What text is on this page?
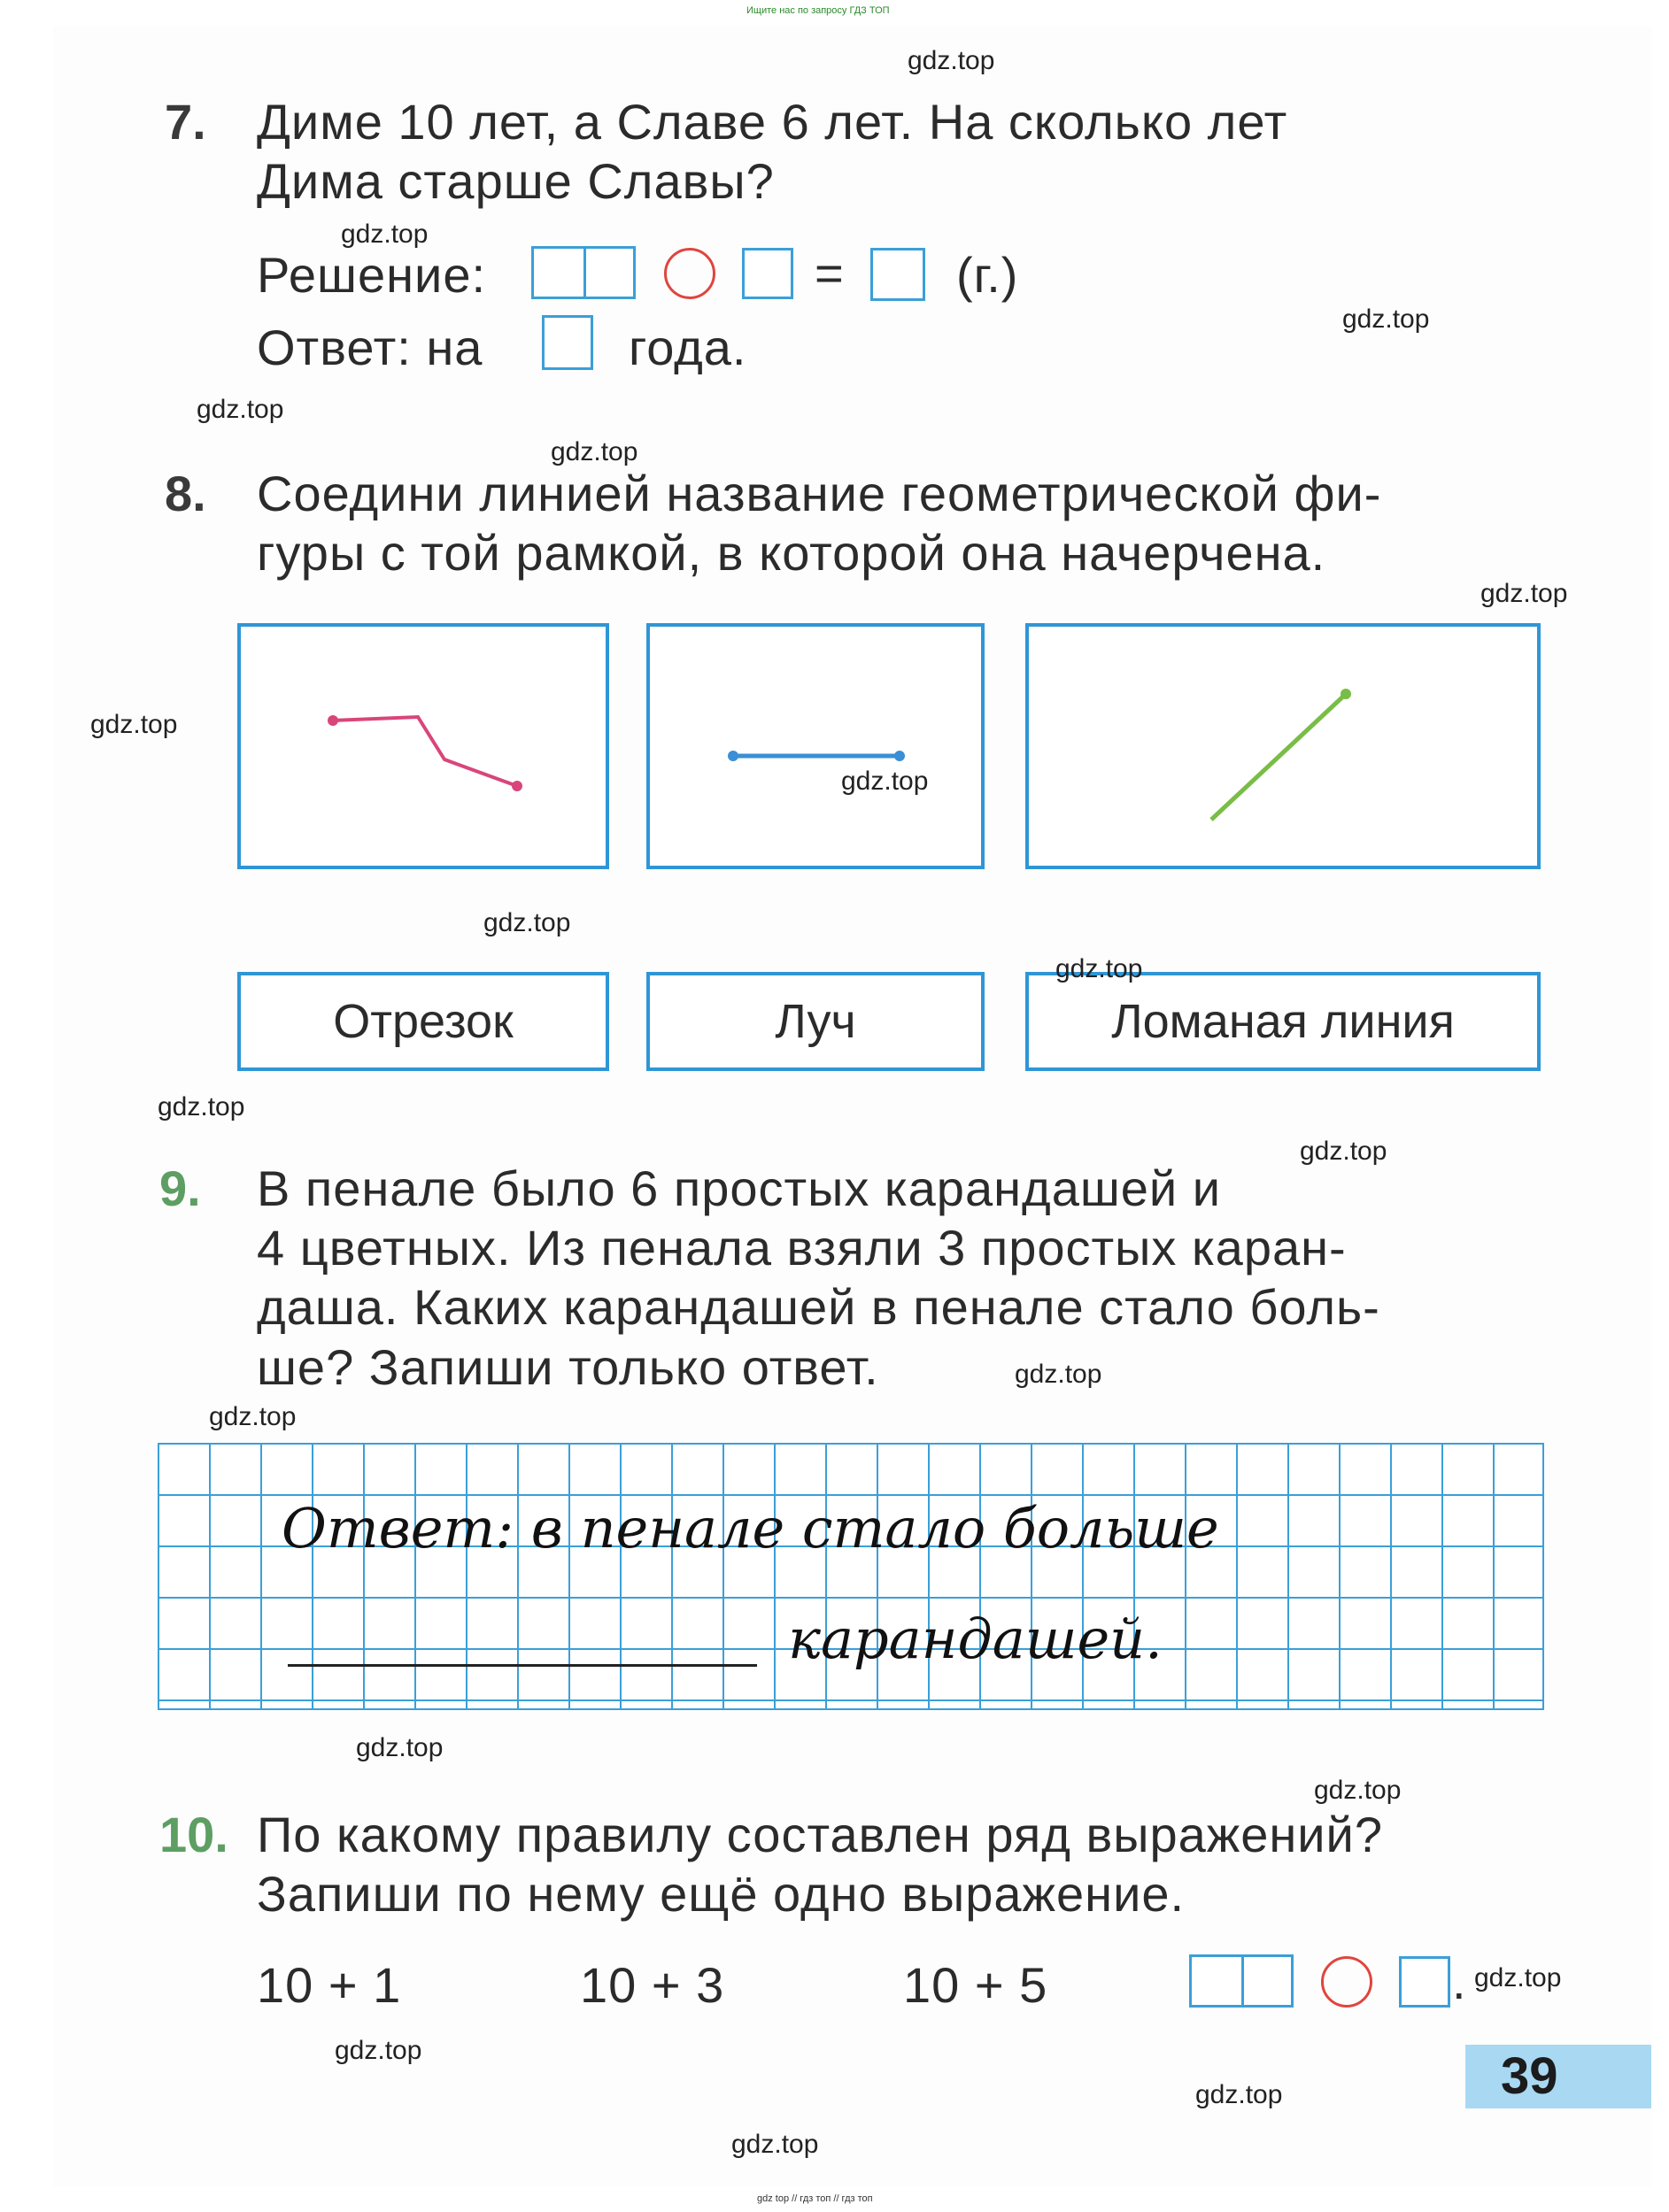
Ищите нас по запросу ГДЗ ТОП
7. Диме 10 лет, а Славе 6 лет. На сколько лет
Дима старше Славы?
Решение:	= (г.)
Ответ: на	года.
8. Соедини линией название геометрической фи-
гуры с той рамкой, в которой она начерчена.
Отрезок	Луч	Ломаная линия
9. В пенале было 6 простых карандашей и
4 цветных. Из пенала взяли 3 простых каран-
даша. Каких карандашей в пенале стало боль-
ше? Запиши только ответ.
Ответ: в пенале стало больше
карандашей.
10. По какому правилу составлен ряд выражений?
Запиши по нему ещё одно выражение.
10 + 1	10 + 3	10 + 5	.
39
gdz top // гдз топ // гдз топ
gdz.top
gdz.top
gdz.top
gdz.top
gdz.top
gdz.top
gdz.top
gdz.top
gdz.top
gdz.top
gdz.top
gdz.top
gdz.top
gdz.top
gdz.top
gdz.top
gdz.top
gdz.top
gdz.top
gdz.top
